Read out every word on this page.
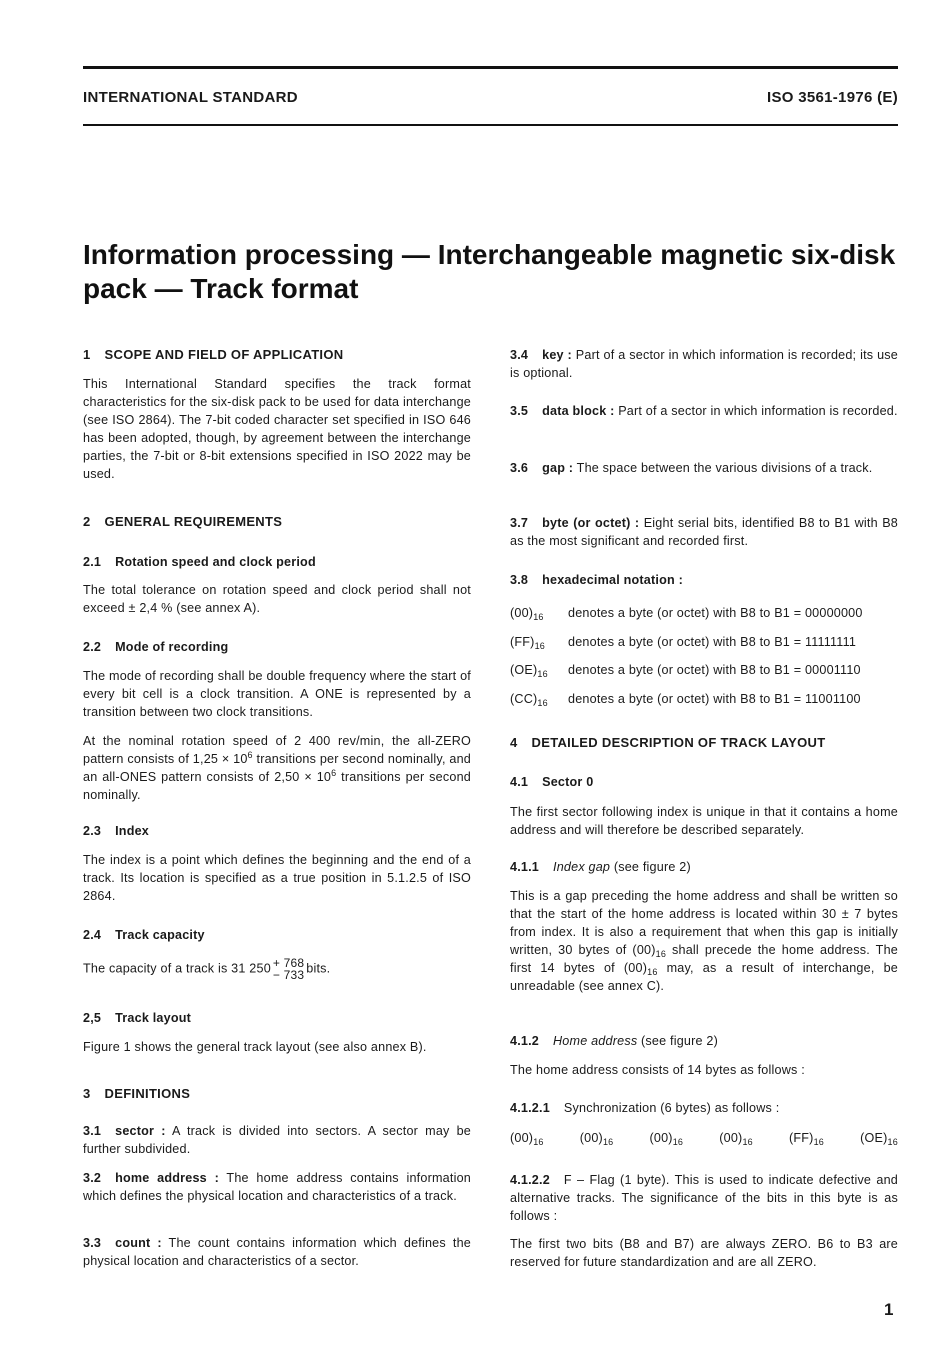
INTERNATIONAL STANDARD	ISO 3561-1976 (E)
Information processing — Interchangeable magnetic six-disk
pack — Track format
1 SCOPE AND FIELD OF APPLICATION
This International Standard specifies the track format characteristics for the six-disk pack to be used for data interchange (see ISO 2864). The 7-bit coded character set specified in ISO 646 has been adopted, though, by agreement between the interchange parties, the 7-bit or 8-bit extensions specified in ISO 2022 may be used.
2 GENERAL REQUIREMENTS
2.1 Rotation speed and clock period
The total tolerance on rotation speed and clock period shall not exceed ± 2,4 % (see annex A).
2.2 Mode of recording
The mode of recording shall be double frequency where the start of every bit cell is a clock transition. A ONE is represented by a transition between two clock transitions.
At the nominal rotation speed of 2 400 rev/min, the all-ZERO pattern consists of $1,25 \times 10^6$ transitions per second nominally, and an all-ONES pattern consists of $2,50 \times 10^6$ transitions per second nominally.
2.3 Index
The index is a point which defines the beginning and the end of a track. Its location is specified as a true position in 5.1.2.5 of ISO 2864.
2.4 Track capacity
The capacity of a track is 31 250 + 768
− 733 bits.
2,5 Track layout
Figure 1 shows the general track layout (see also annex B).
3 DEFINITIONS
3.1 sector : A track is divided into sectors. A sector may be further subdivided.
3.2 home address : The home address contains information which defines the physical location and characteristics of a track.
3.3 count : The count contains information which defines the physical location and characteristics of a sector.
3.4 key : Part of a sector in which information is recorded; its use is optional.
3.5 data block : Part of a sector in which information is recorded.
3.6 gap : The space between the various divisions of a track.
3.7 byte (or octet) : Eight serial bits, identified B8 to B1 with B8 as the most significant and recorded first.
3.8 hexadecimal notation :
$(00)_{16}$	denotes a byte (or octet) with B8 to B1 = 00000000
$(FF)_{16}$	denotes a byte (or octet) with B8 to B1 = 11111111
$(OE)_{16}$	denotes a byte (or octet) with B8 to B1 = 00001110
$(CC)_{16}$	denotes a byte (or octet) with B8 to B1 = 11001100
4 DETAILED DESCRIPTION OF TRACK LAYOUT
4.1 Sector 0
The first sector following index is unique in that it contains a home address and will therefore be described separately.
4.1.1 Index gap (see figure 2)
This is a gap preceding the home address and shall be written so that the start of the home address is located within 30 ± 7 bytes from index. It is also a requirement that when this gap is initially written, 30 bytes of $(00)_{16}$ shall precede the home address. The first 14 bytes of $(00)_{16}$ may, as a result of interchange, be unreadable (see annex C).
4.1.2 Home address (see figure 2)
The home address consists of 14 bytes as follows :
4.1.2.1 Synchronization (6 bytes) as follows :
$(00)_{16}$	$(00)_{16}$	$(00)_{16}$	$(00)_{16}$	$(FF)_{16}$	$(OE)_{16}$
4.1.2.2 F – Flag (1 byte). This is used to indicate defective and alternative tracks. The significance of the bits in this byte is as follows :
The first two bits (B8 and B7) are always ZERO. B6 to B3 are reserved for future standardization and are all ZERO.
1
